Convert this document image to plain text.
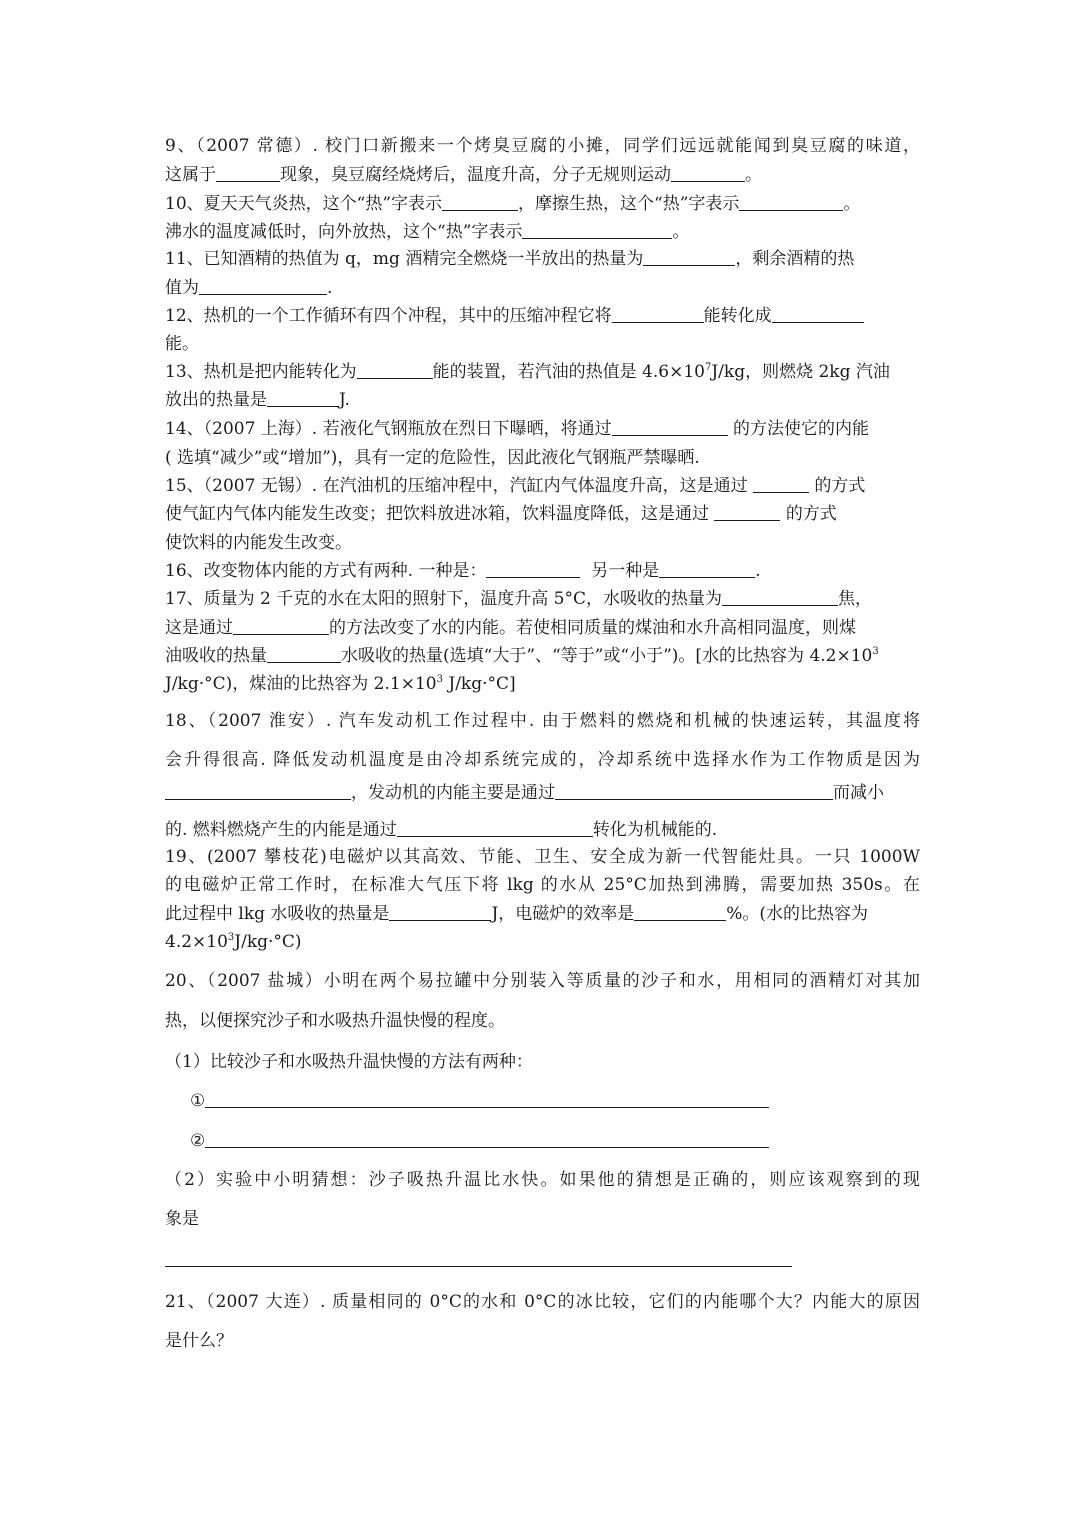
9、（2007 常德）. 校门口新搬来一个烤臭豆腐的小摊，同学们远远就能闻到臭豆腐的味道，
这属于	现象，臭豆腐经烧烤后，温度升高，分子无规则运动	。
10、夏天天气炎热，这个“热”字表示	，摩擦生热，这个“热”字表示	。
沸水的温度减低时，向外放热，这个“热”字表示	。
11、已知酒精的热值为 q，mg 酒精完全燃烧一半放出的热量为	，剩余酒精的热
值为	.
12、热机的一个工作循环有四个冲程，其中的压缩冲程它将	能转化成
能。
13、热机是把内能转化为	能的装置，若汽油的热值是 $4.6\times 10^7J/kg$，则燃烧 2kg 汽油
放出的热量是	J.
14、（2007 上海）. 若液化气钢瓶放在烈日下曝晒，将通过	的方法使它的内能
( 选填“减少”或“增加”)，具有一定的危险性，因此液化气钢瓶严禁曝晒.
15、（2007 无锡）. 在汽油机的压缩冲程中，汽缸内气体温度升高，这是通过	的方式
使气缸内气体内能发生改变；把饮料放进冰箱，饮料温度降低，这是通过	的方式
使饮料的内能发生改变。
16、改变物体内能的方式有两种. 一种是：	另一种是	.
17、质量为 2 千克的水在太阳的照射下，温度升高 5°C，水吸收的热量为	焦，
这是通过	的方法改变了水的内能。若使相同质量的煤油和水升高相同温度，则煤
油吸收的热量	水吸收的热量(选填“大于”、“等于”或“小于”)。[水的比热容为 $4.2\times 10^3$
J/kg·°C)，煤油的比热容为 $2.1\times 10^3$ J/kg·°C]
18、（2007 淮安）. 汽车发动机工作过程中. 由于燃料的燃烧和机械的快速运转，其温度将
会升得很高. 降低发动机温度是由冷却系统完成的，冷却系统中选择水作为工作物质是因为
，发动机的内能主要是通过	而减小
的. 燃料燃烧产生的内能是通过	转化为机械能的.
19、(2007 攀枝花)电磁炉以其高效、节能、卫生、安全成为新一代智能灶具。一只 1000W
的电磁炉正常工作时，在标准大气压下将 lkg 的水从 25°C加热到沸腾，需要加热 350s。在
此过程中 lkg 水吸收的热量是	J，电磁炉的效率是	%。(水的比热容为
$4.2\times 10^3J/kg\cdot^\circ C$)
20、（2007 盐城）小明在两个易拉罐中分别装入等质量的沙子和水，用相同的酒精灯对其加
热，以便探究沙子和水吸热升温快慢的程度。
（1）比较沙子和水吸热升温快慢的方法有两种：
①
②
（2）实验中小明猜想：沙子吸热升温比水快。如果他的猜想是正确的，则应该观察到的现
象是
21、（2007 大连）. 质量相同的 0°C的水和 0°C的冰比较，它们的内能哪个大？内能大的原因
是什么？
